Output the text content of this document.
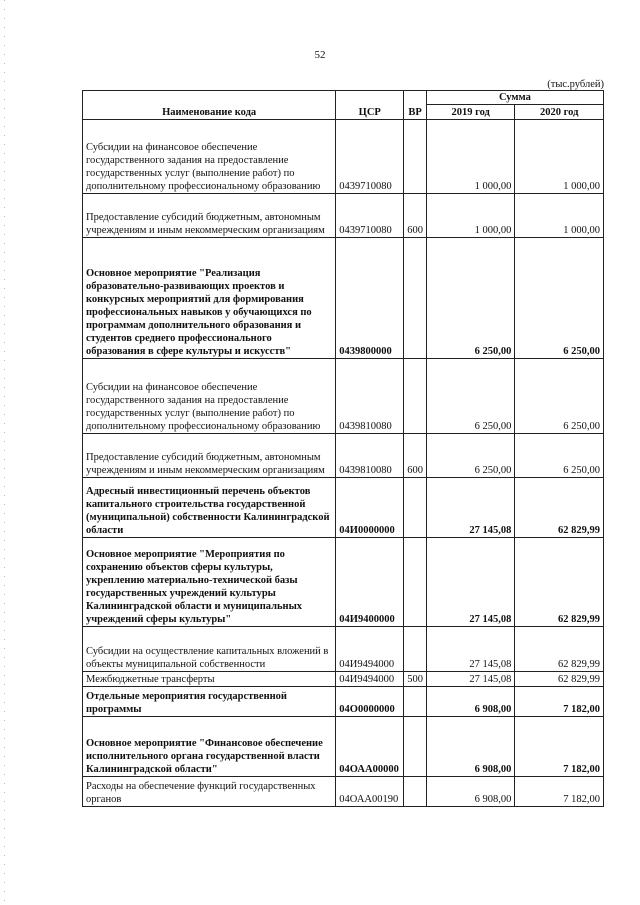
52
(тыс.рублей)
Наименование кода	ЦСР	ВР	Сумма	
			2019 год	2020 год
Субсидии на финансовое обеспечение государственного задания на предоставление государственных услуг (выполнение работ) по дополнительному профессиональному образованию	0439710080		1 000,00	1 000,00
Предоставление субсидий бюджетным, автономным учреждениям и иным некоммерческим организациям	0439710080	600	1 000,00	1 000,00
Основное мероприятие "Реализация образовательно-развивающих проектов и конкурсных мероприятий для формирования профессиональных навыков у обучающихся по программам дополнительного образования и студентов среднего профессионального образования в сфере культуры и искусств"	0439800000		6 250,00	6 250,00
Субсидии на финансовое обеспечение государственного задания на предоставление государственных услуг (выполнение работ) по дополнительному профессиональному образованию	0439810080		6 250,00	6 250,00
Предоставление субсидий бюджетным, автономным учреждениям и иным некоммерческим организациям	0439810080	600	6 250,00	6 250,00
Адресный инвестиционный перечень объектов капитального строительства государственной (муниципальной) собственности Калининградской области	04И0000000		27 145,08	62 829,99
Основное мероприятие "Мероприятия по сохранению объектов сферы культуры, укреплению материально-технической базы государственных учреждений культуры Калининградской области и муниципальных учреждений сферы культуры"	04И9400000		27 145,08	62 829,99
Субсидии на осуществление капитальных вложений в объекты муниципальной собственности	04И9494000		27 145,08	62 829,99
Межбюджетные трансферты	04И9494000	500	27 145,08	62 829,99
Отдельные мероприятия государственной программы	04О0000000		6 908,00	7 182,00
Основное мероприятие "Финансовое обеспечение исполнительного органа государственной власти Калининградской области"	04ОАА00000		6 908,00	7 182,00
Расходы на обеспечение функций государственных органов	04ОАА00190		6 908,00	7 182,00
